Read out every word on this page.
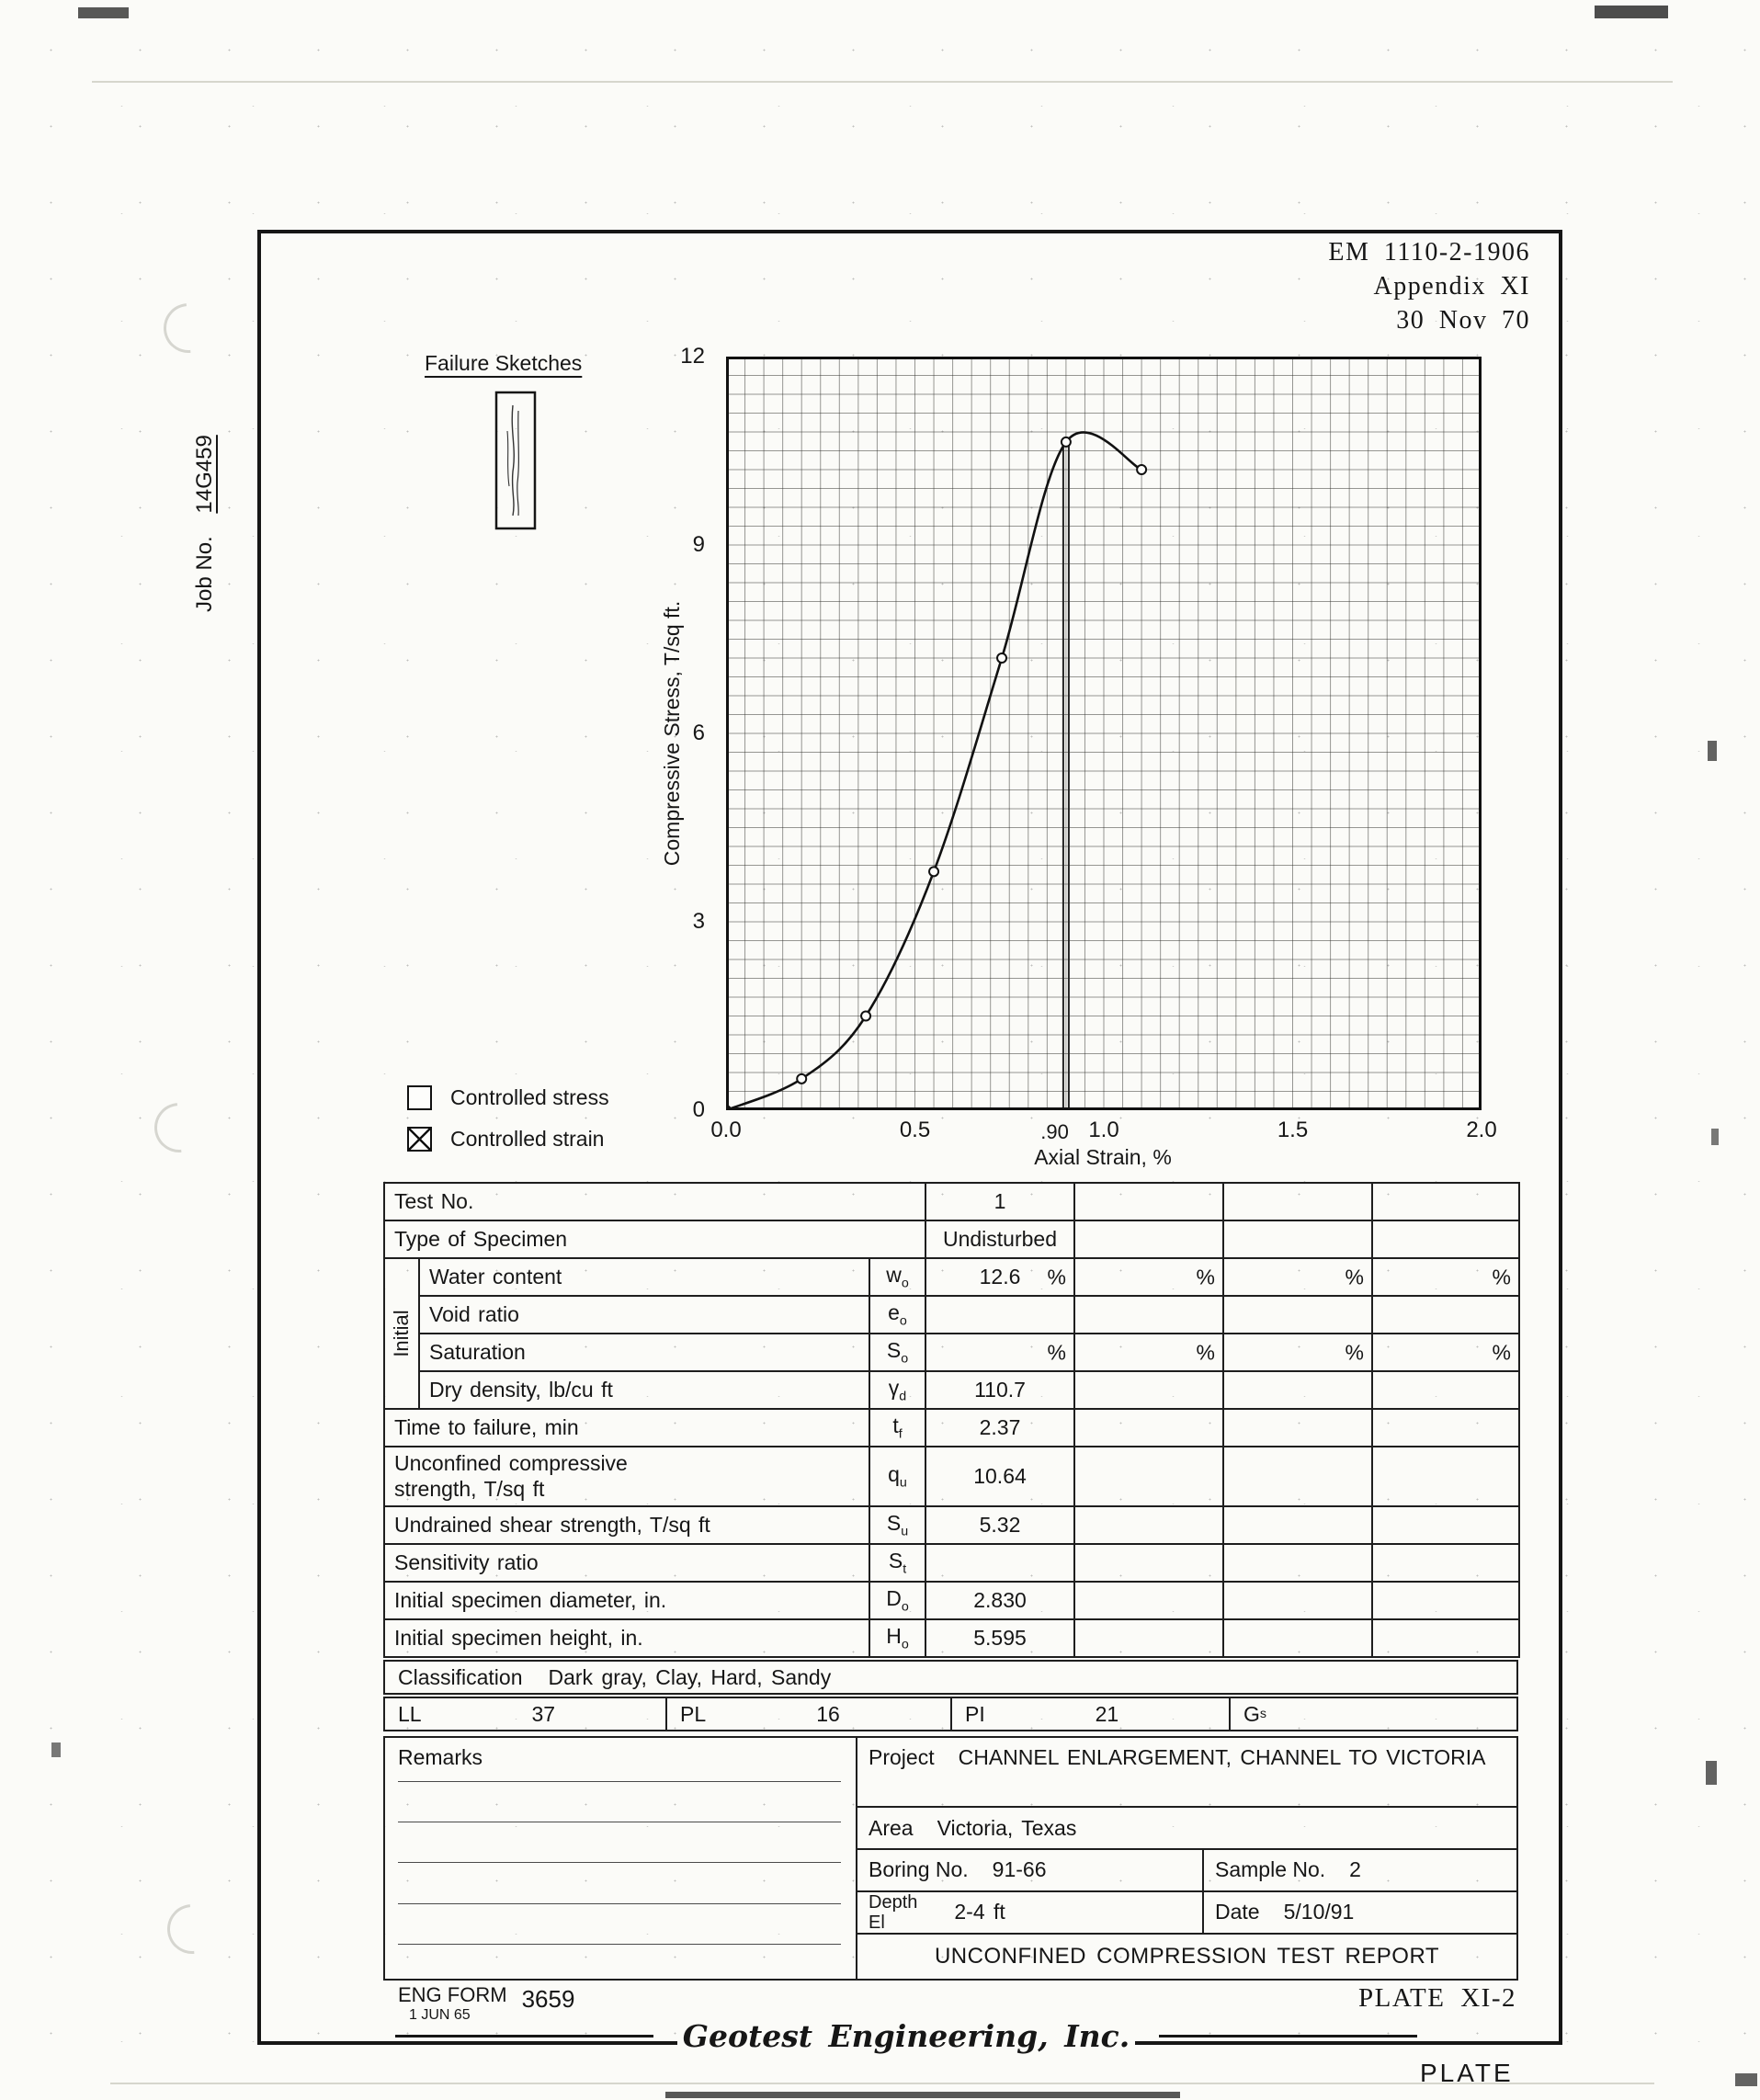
EM 1110-2-1906
Appendix XI
30 Nov 70
Job No. 14G459
Failure Sketches	12
9
6
3
0
0.0	0.5	1.0	1.5	2.0
.90
Compressive Stress, T/sq ft.
Axial Strain, %
Controlled stress
Controlled strain
Test No.			1			
Type of Specimen			Undisturbed			

Initial	Water content	$w_o$	12.6 %	%	%	%

	Void ratio	$e_o$				
	Saturation	$S_o$	%	%	%	%

	Dry density, lb/cu ft	$\gamma_d$	110.7			
Time to failure, min		$t_f$	2.37			

Unconfined compressive
strength, T/sq ft		$q_u$	10.64			
Undrained shear strength, T/sq ft		$S_u$	5.32			
Sensitivity ratio		$S_t$				
Initial specimen diameter, in.		$D_o$	2.830			
Initial specimen height, in.		$H_o$	5.595			
Classification Dark gray, Clay, Hard, Sandy
LL	37	PL	16	PI	21	G s
Remarks	Project CHANNEL ENLARGEMENT, CHANNEL TO VICTORIA
Area Victoria, Texas
Boring No. 91-66	Sample No. 2
Depth
El	2-4 ft	Date 5/10/91
UNCONFINED COMPRESSION TEST REPORT
ENG FORM
1 JUN 65
3659	PLATE XI-2
Geotest Engineering, Inc.
PLATE
